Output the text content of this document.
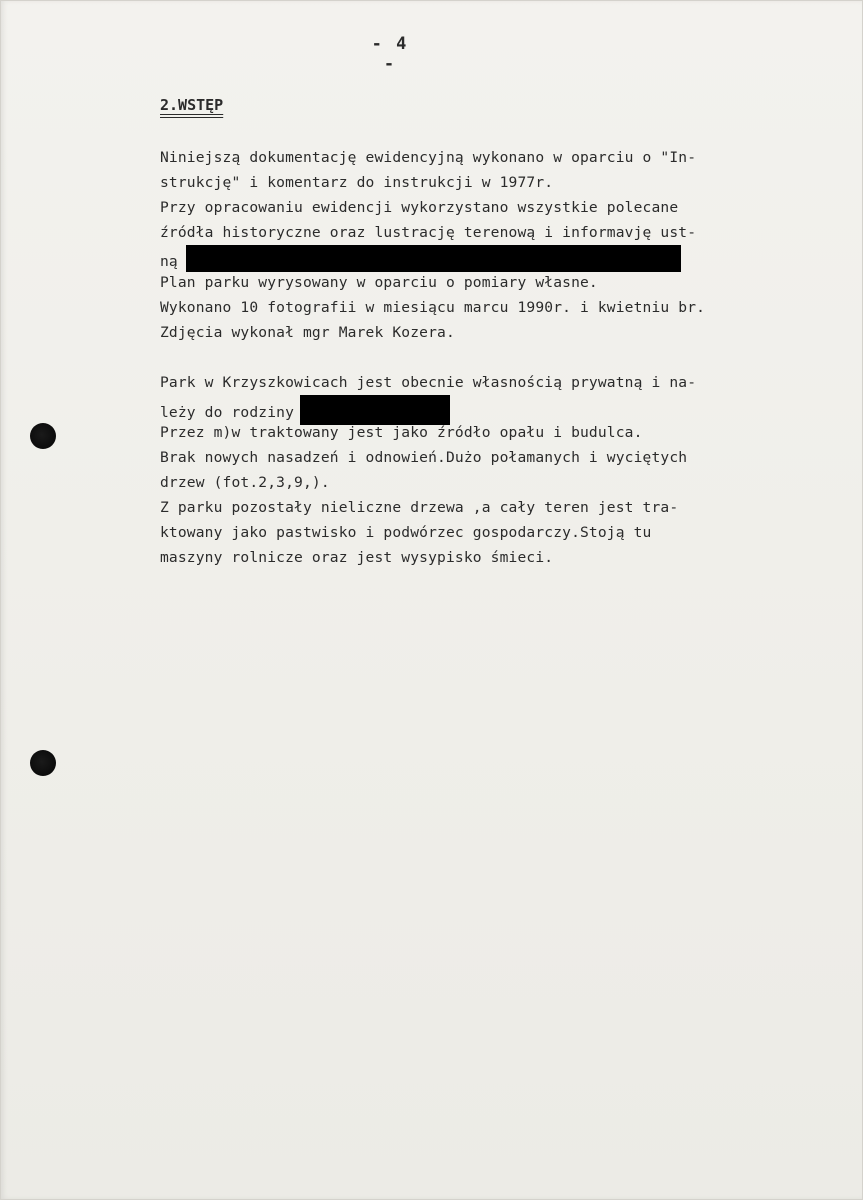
- 4 -
2.WSTĘP
Niniejszą dokumentację ewidencyjną wykonano w oparciu o "In-
strukcję" i komentarz do instrukcji w 1977r.
Przy opracowaniu ewidencji wykorzystano wszystkie polecane
źródła historyczne oraz lustrację terenową i informavję ust-
ną
Plan parku wyrysowany w oparciu o pomiary własne.
Wykonano 10 fotografii w miesiącu marcu 1990r. i kwietniu br.
Zdjęcia wykonał mgr Marek Kozera.
Park w Krzyszkowicach jest obecnie własnością prywatną i na-
leży do rodziny
Przez m)w traktowany jest jako źródło opału i budulca.
Brak nowych nasadzeń i odnowień.Dużo połamanych i wyciętych
drzew (fot.2,3,9,).
Z parku pozostały nieliczne drzewa ,a cały teren jest tra-
ktowany jako pastwisko i podwórzec gospodarczy.Stoją tu
maszyny rolnicze oraz jest wysypisko śmieci.
